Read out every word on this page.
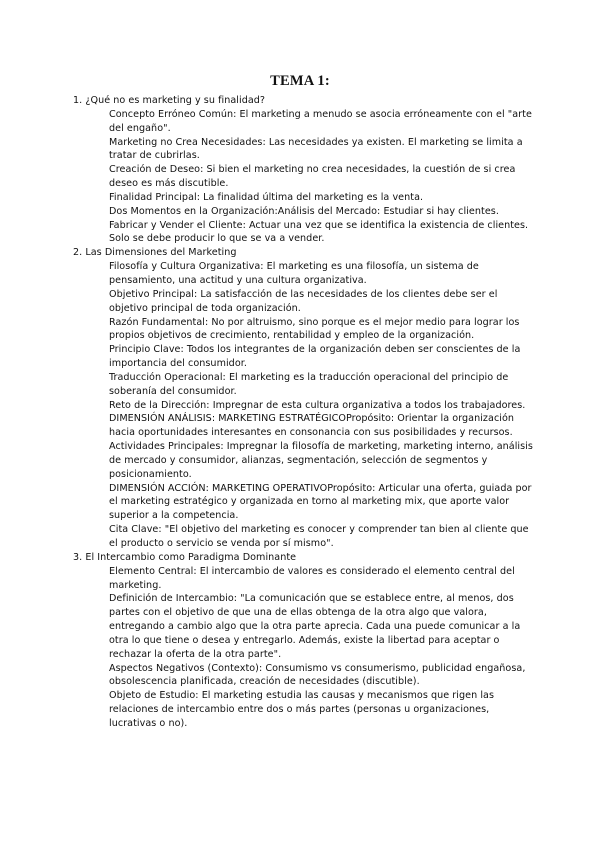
TEMA 1:
1. ¿Qué no es marketing y su finalidad?
Concepto Erróneo Común: El marketing a menudo se asocia erróneamente con el "arte del engaño".
Marketing no Crea Necesidades: Las necesidades ya existen. El marketing se limita a tratar de cubrirlas.
Creación de Deseo: Si bien el marketing no crea necesidades, la cuestión de si crea deseo es más discutible.
Finalidad Principal: La finalidad última del marketing es la venta.
Dos Momentos en la Organización:Análisis del Mercado: Estudiar si hay clientes.
Fabricar y Vender el Cliente: Actuar una vez que se identifica la existencia de clientes. Solo se debe producir lo que se va a vender.
2. Las Dimensiones del Marketing
Filosofía y Cultura Organizativa: El marketing es una filosofía, un sistema de pensamiento, una actitud y una cultura organizativa.
Objetivo Principal: La satisfacción de las necesidades de los clientes debe ser el objetivo principal de toda organización.
Razón Fundamental: No por altruismo, sino porque es el mejor medio para lograr los propios objetivos de crecimiento, rentabilidad y empleo de la organización.
Principio Clave: Todos los integrantes de la organización deben ser conscientes de la importancia del consumidor.
Traducción Operacional: El marketing es la traducción operacional del principio de soberanía del consumidor.
Reto de la Dirección: Impregnar de esta cultura organizativa a todos los trabajadores.
DIMENSIÓN ANÁLISIS: MARKETING ESTRATÉGICOPropósito: Orientar la organización hacia oportunidades interesantes en consonancia con sus posibilidades y recursos.
Actividades Principales: Impregnar la filosofía de marketing, marketing interno, análisis de mercado y consumidor, alianzas, segmentación, selección de segmentos y posicionamiento.
DIMENSIÓN ACCIÓN: MARKETING OPERATIVOPropósito: Articular una oferta, guiada por el marketing estratégico y organizada en torno al marketing mix, que aporte valor superior a la competencia.
Cita Clave: "El objetivo del marketing es conocer y comprender tan bien al cliente que el producto o servicio se venda por sí mismo".
3. El Intercambio como Paradigma Dominante
Elemento Central: El intercambio de valores es considerado el elemento central del marketing.
Definición de Intercambio: "La comunicación que se establece entre, al menos, dos partes con el objetivo de que una de ellas obtenga de la otra algo que valora, entregando a cambio algo que la otra parte aprecia. Cada una puede comunicar a la otra lo que tiene o desea y entregarlo. Además, existe la libertad para aceptar o rechazar la oferta de la otra parte".
Aspectos Negativos (Contexto): Consumismo vs consumerismo, publicidad engañosa, obsolescencia planificada, creación de necesidades (discutible).
Objeto de Estudio: El marketing estudia las causas y mecanismos que rigen las relaciones de intercambio entre dos o más partes (personas u organizaciones, lucrativas o no).
